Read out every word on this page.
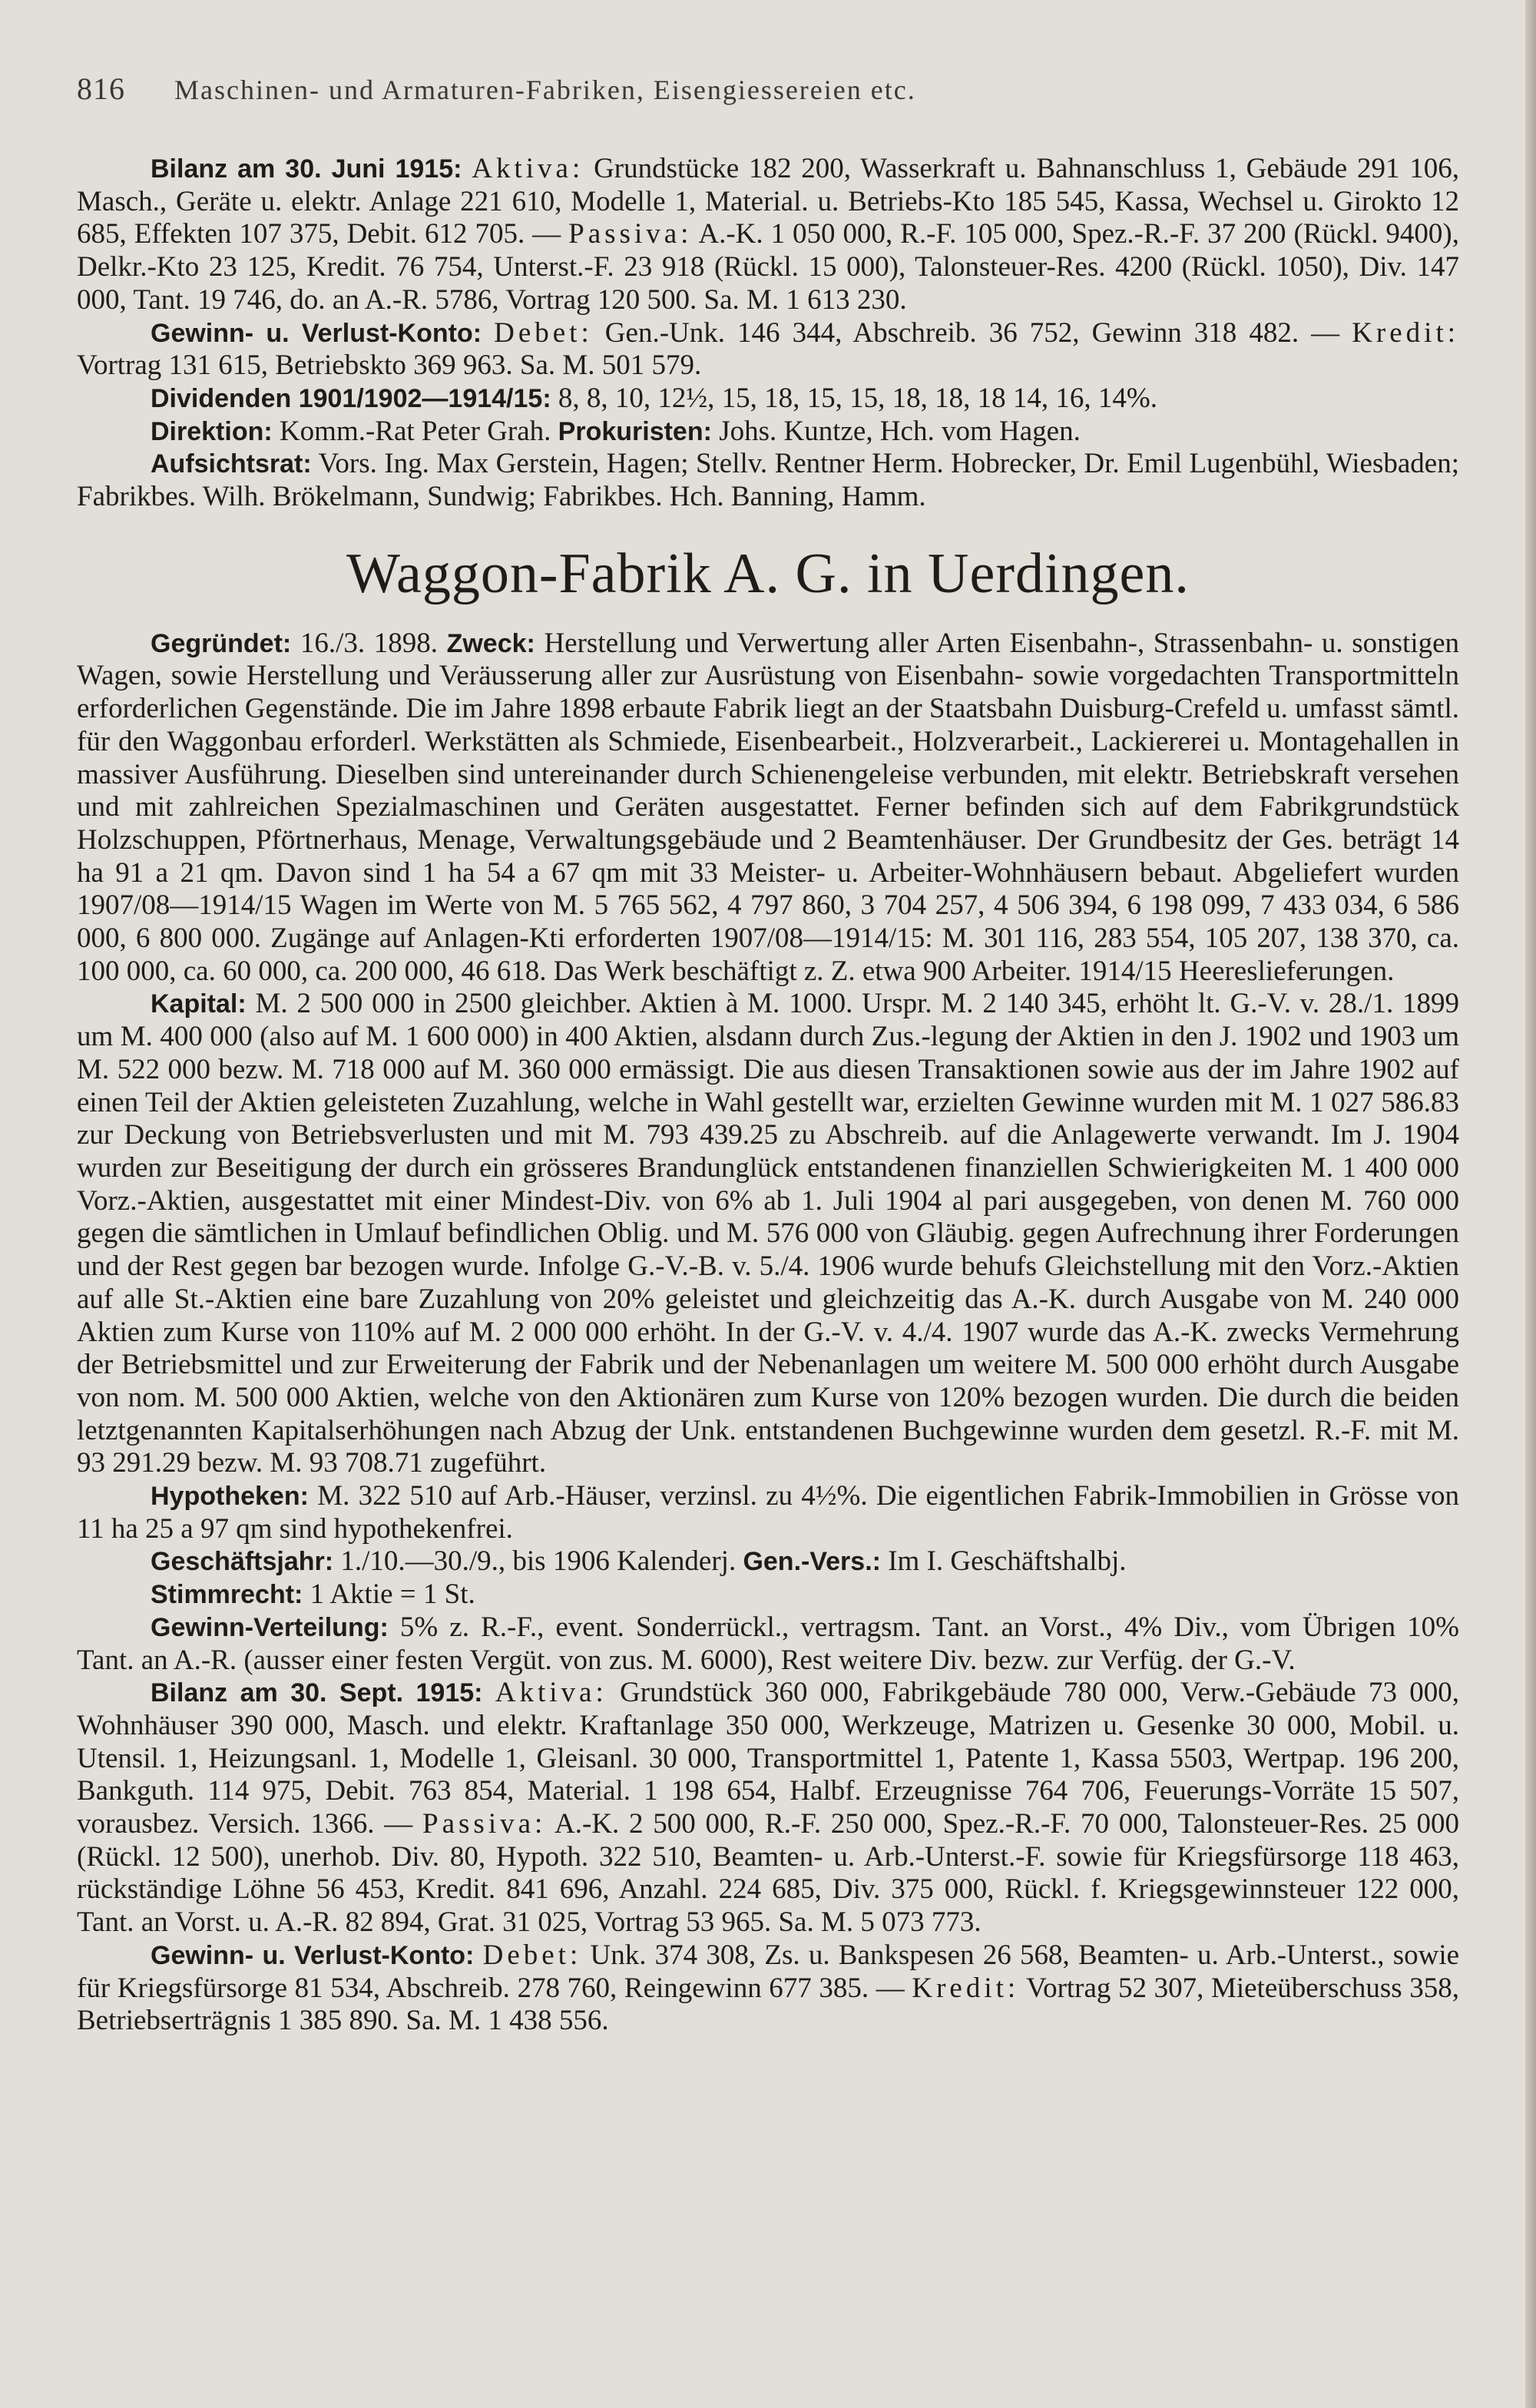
816 Maschinen- und Armaturen-Fabriken, Eisengiessereien etc.

Bilanz am 30. Juni 1915: Aktiva: Grundstücke 182 200, Wasserkraft u. Bahnanschluss 1, Gebäude 291 106, Masch., Geräte u. elektr. Anlage 221 610, Modelle 1, Material. u. Betriebs-Kto 185 545, Kassa, Wechsel u. Girokto 12 685, Effekten 107 375, Debit. 612 705. — Passiva: A.-K. 1 050 000, R.-F. 105 000, Spez.-R.-F. 37 200 (Rückl. 9400), Delkr.-Kto 23 125, Kredit. 76 754, Unterst.-F. 23 918 (Rückl. 15 000), Talonsteuer-Res. 4200 (Rückl. 1050), Div. 147 000, Tant. 19 746, do. an A.-R. 5786, Vortrag 120 500. Sa. M. 1 613 230.

Gewinn- u. Verlust-Konto: Debet: Gen.-Unk. 146 344, Abschreib. 36 752, Gewinn 318 482. — Kredit: Vortrag 131 615, Betriebskto 369 963. Sa. M. 501 579.

Dividenden 1901/1902—1914/15: 8, 8, 10, 12½, 15, 18, 15, 15, 18, 18, 18 14, 16, 14%.

Direktion: Komm.-Rat Peter Grah. Prokuristen: Johs. Kuntze, Hch. vom Hagen.

Aufsichtsrat: Vors. Ing. Max Gerstein, Hagen; Stellv. Rentner Herm. Hobrecker, Dr. Emil Lugenbühl, Wiesbaden; Fabrikbes. Wilh. Brökelmann, Sundwig; Fabrikbes. Hch. Banning, Hamm.

Waggon-Fabrik A. G. in Uerdingen.

Gegründet: 16./3. 1898. Zweck: Herstellung und Verwertung aller Arten Eisenbahn-, Strassenbahn- u. sonstigen Wagen, sowie Herstellung und Veräusserung aller zur Ausrüstung von Eisenbahn- sowie vorgedachten Transportmitteln erforderlichen Gegenstände. Die im Jahre 1898 erbaute Fabrik liegt an der Staatsbahn Duisburg-Crefeld u. umfasst sämtl. für den Waggonbau erforderl. Werkstätten als Schmiede, Eisenbearbeit., Holzverarbeit., Lackiererei u. Montagehallen in massiver Ausführung. Dieselben sind untereinander durch Schienengeleise verbunden, mit elektr. Betriebskraft versehen und mit zahlreichen Spezialmaschinen und Geräten ausgestattet. Ferner befinden sich auf dem Fabrikgrundstück Holzschuppen, Pförtnerhaus, Menage, Verwaltungsgebäude und 2 Beamtenhäuser. Der Grundbesitz der Ges. beträgt 14 ha 91 a 21 qm. Davon sind 1 ha 54 a 67 qm mit 33 Meister- u. Arbeiter-Wohnhäusern bebaut. Abgeliefert wurden 1907/08—1914/15 Wagen im Werte von M. 5 765 562, 4 797 860, 3 704 257, 4 506 394, 6 198 099, 7 433 034, 6 586 000, 6 800 000. Zugänge auf Anlagen-Kti erforderten 1907/08—1914/15: M. 301 116, 283 554, 105 207, 138 370, ca. 100 000, ca. 60 000, ca. 200 000, 46 618. Das Werk beschäftigt z. Z. etwa 900 Arbeiter. 1914/15 Heereslieferungen.

Kapital: M. 2 500 000 in 2500 gleichber. Aktien à M. 1000. Urspr. M. 2 140 345, erhöht lt. G.-V. v. 28./1. 1899 um M. 400 000 (also auf M. 1 600 000) in 400 Aktien, alsdann durch Zus.-legung der Aktien in den J. 1902 und 1903 um M. 522 000 bezw. M. 718 000 auf M. 360 000 ermässigt. Die aus diesen Transaktionen sowie aus der im Jahre 1902 auf einen Teil der Aktien geleisteten Zuzahlung, welche in Wahl gestellt war, erzielten Gewinne wurden mit M. 1 027 586.83 zur Deckung von Betriebsverlusten und mit M. 793 439.25 zu Abschreib. auf die Anlagewerte verwandt. Im J. 1904 wurden zur Beseitigung der durch ein grösseres Brandunglück entstandenen finanziellen Schwierigkeiten M. 1 400 000 Vorz.-Aktien, ausgestattet mit einer Mindest-Div. von 6% ab 1. Juli 1904 al pari ausgegeben, von denen M. 760 000 gegen die sämtlichen in Umlauf befindlichen Oblig. und M. 576 000 von Gläubig. gegen Aufrechnung ihrer Forderungen und der Rest gegen bar bezogen wurde. Infolge G.-V.-B. v. 5./4. 1906 wurde behufs Gleichstellung mit den Vorz.-Aktien auf alle St.-Aktien eine bare Zuzahlung von 20% geleistet und gleichzeitig das A.-K. durch Ausgabe von M. 240 000 Aktien zum Kurse von 110% auf M. 2 000 000 erhöht. In der G.-V. v. 4./4. 1907 wurde das A.-K. zwecks Vermehrung der Betriebsmittel und zur Erweiterung der Fabrik und der Nebenanlagen um weitere M. 500 000 erhöht durch Ausgabe von nom. M. 500 000 Aktien, welche von den Aktionären zum Kurse von 120% bezogen wurden. Die durch die beiden letztgenannten Kapitalserhöhungen nach Abzug der Unk. entstandenen Buchgewinne wurden dem gesetzl. R.-F. mit M. 93 291.29 bezw. M. 93 708.71 zugeführt.

Hypotheken: M. 322 510 auf Arb.-Häuser, verzinsl. zu 4½%. Die eigentlichen Fabrik-Immobilien in Grösse von 11 ha 25 a 97 qm sind hypothekenfrei.

Geschäftsjahr: 1./10.—30./9., bis 1906 Kalenderj. Gen.-Vers.: Im I. Geschäftshalbj.

Stimmrecht: 1 Aktie = 1 St.

Gewinn-Verteilung: 5% z. R.-F., event. Sonderrückl., vertragsm. Tant. an Vorst., 4% Div., vom Übrigen 10% Tant. an A.-R. (ausser einer festen Vergüt. von zus. M. 6000), Rest weitere Div. bezw. zur Verfüg. der G.-V.

Bilanz am 30. Sept. 1915: Aktiva: Grundstück 360 000, Fabrikgebäude 780 000, Verw.-Gebäude 73 000, Wohnhäuser 390 000, Masch. und elektr. Kraftanlage 350 000, Werkzeuge, Matrizen u. Gesenke 30 000, Mobil. u. Utensil. 1, Heizungsanl. 1, Modelle 1, Gleisanl. 30 000, Transportmittel 1, Patente 1, Kassa 5503, Wertpap. 196 200, Bankguth. 114 975, Debit. 763 854, Material. 1 198 654, Halbf. Erzeugnisse 764 706, Feuerungs-Vorräte 15 507, vorausbez. Versich. 1366. — Passiva: A.-K. 2 500 000, R.-F. 250 000, Spez.-R.-F. 70 000, Talonsteuer-Res. 25 000 (Rückl. 12 500), unerhob. Div. 80, Hypoth. 322 510, Beamten- u. Arb.-Unterst.-F. sowie für Kriegsfürsorge 118 463, rückständige Löhne 56 453, Kredit. 841 696, Anzahl. 224 685, Div. 375 000, Rückl. f. Kriegsgewinnsteuer 122 000, Tant. an Vorst. u. A.-R. 82 894, Grat. 31 025, Vortrag 53 965. Sa. M. 5 073 773.

Gewinn- u. Verlust-Konto: Debet: Unk. 374 308, Zs. u. Bankspesen 26 568, Beamten- u. Arb.-Unterst., sowie für Kriegsfürsorge 81 534, Abschreib. 278 760, Reingewinn 677 385. — Kredit: Vortrag 52 307, Mieteüberschuss 358, Betriebserträgnis 1 385 890. Sa. M. 1 438 556.
